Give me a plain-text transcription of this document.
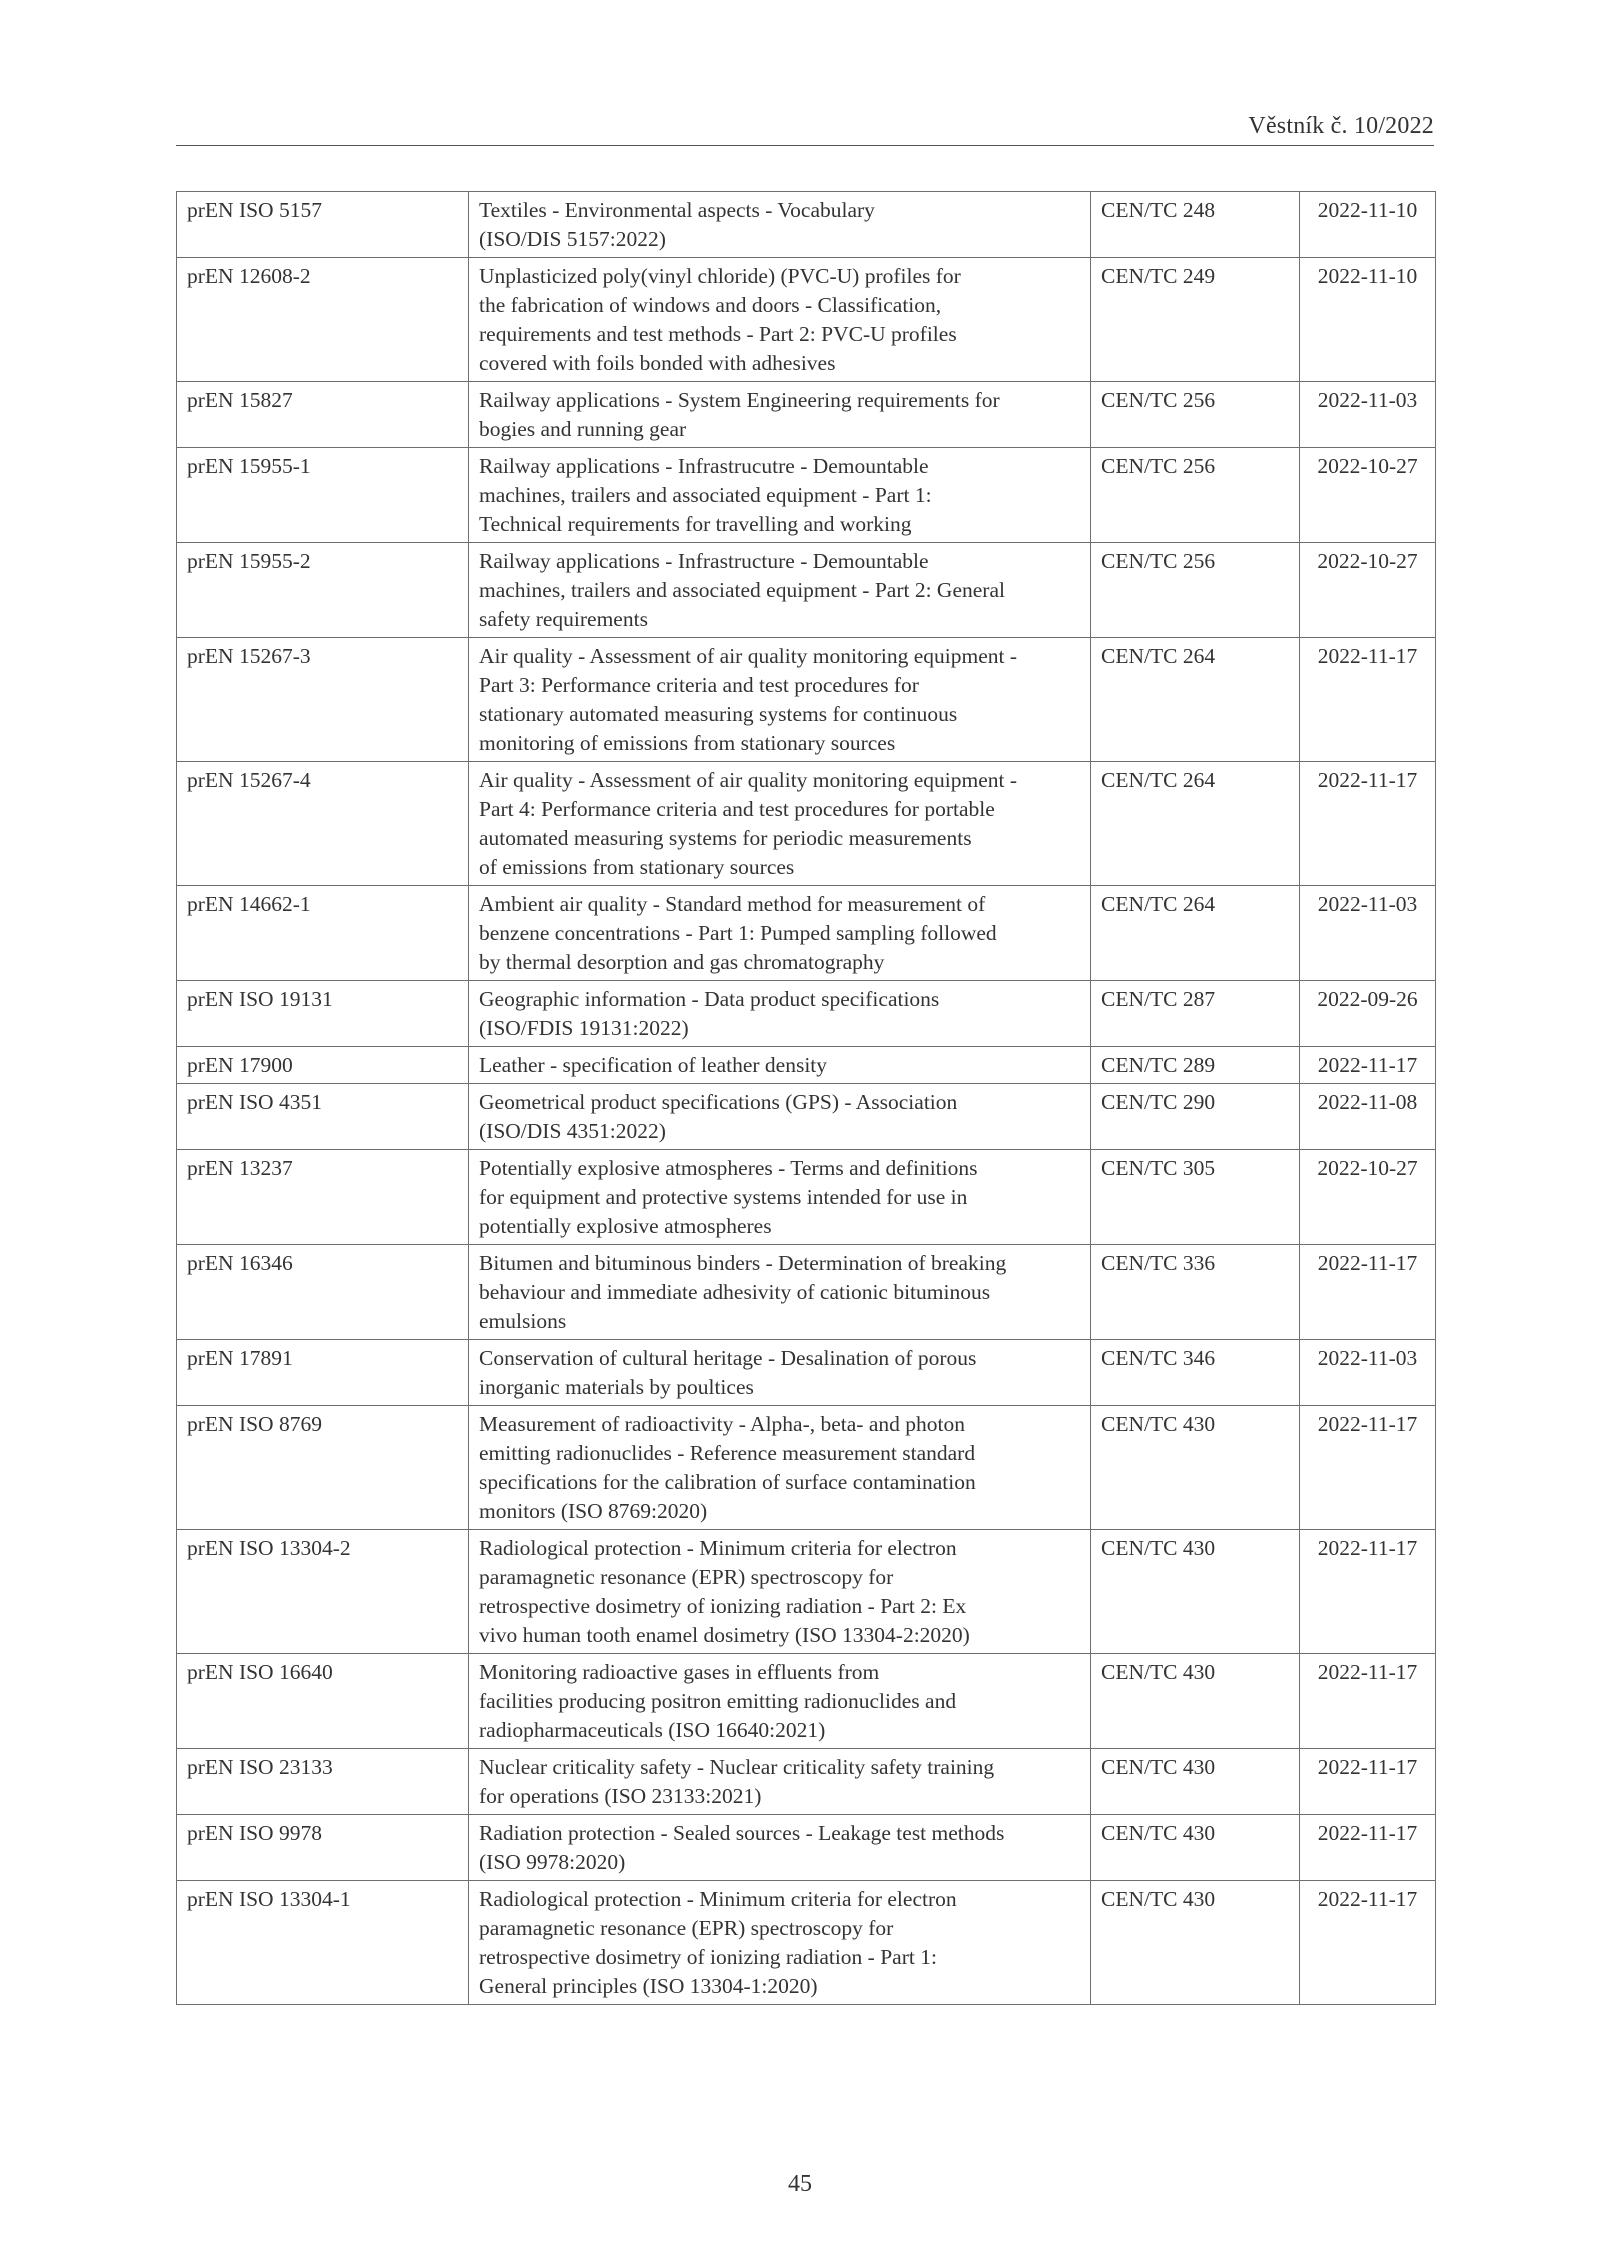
Věstník č. 10/2022
prEN ISO 5157	Textiles - Environmental aspects - Vocabulary
(ISO/DIS 5157:2022)	CEN/TC 248	2022-11-10
prEN 12608-2	Unplasticized poly(vinyl chloride) (PVC-U) profiles for
the fabrication of windows and doors - Classification,
requirements and test methods - Part 2: PVC-U profiles
covered with foils bonded with adhesives	CEN/TC 249	2022-11-10
prEN 15827	Railway applications - System Engineering requirements for
bogies and running gear	CEN/TC 256	2022-11-03
prEN 15955-1	Railway applications - Infrastrucutre - Demountable
machines, trailers and associated equipment - Part 1:
Technical requirements for travelling and working	CEN/TC 256	2022-10-27
prEN 15955-2	Railway applications - Infrastructure - Demountable
machines, trailers and associated equipment - Part 2: General
safety requirements	CEN/TC 256	2022-10-27
prEN 15267-3	Air quality - Assessment of air quality monitoring equipment -
Part 3: Performance criteria and test procedures for
stationary automated measuring systems for continuous
monitoring of emissions from stationary sources	CEN/TC 264	2022-11-17
prEN 15267-4	Air quality - Assessment of air quality monitoring equipment -
Part 4: Performance criteria and test procedures for portable
automated measuring systems for periodic measurements
of emissions from stationary sources	CEN/TC 264	2022-11-17
prEN 14662-1	Ambient air quality - Standard method for measurement of
benzene concentrations - Part 1: Pumped sampling followed
by thermal desorption and gas chromatography	CEN/TC 264	2022-11-03
prEN ISO 19131	Geographic information - Data product specifications
(ISO/FDIS 19131:2022)	CEN/TC 287	2022-09-26
prEN 17900	Leather - specification of leather density	CEN/TC 289	2022-11-17
prEN ISO 4351	Geometrical product specifications (GPS) - Association
(ISO/DIS 4351:2022)	CEN/TC 290	2022-11-08
prEN 13237	Potentially explosive atmospheres - Terms and definitions
for equipment and protective systems intended for use in
potentially explosive atmospheres	CEN/TC 305	2022-10-27
prEN 16346	Bitumen and bituminous binders - Determination of breaking
behaviour and immediate adhesivity of cationic bituminous
emulsions	CEN/TC 336	2022-11-17
prEN 17891	Conservation of cultural heritage - Desalination of porous
inorganic materials by poultices	CEN/TC 346	2022-11-03
prEN ISO 8769	Measurement of radioactivity - Alpha-, beta- and photon
emitting radionuclides - Reference measurement standard
specifications for the calibration of surface contamination
monitors (ISO 8769:2020)	CEN/TC 430	2022-11-17
prEN ISO 13304-2	Radiological protection - Minimum criteria for electron
paramagnetic resonance (EPR) spectroscopy for
retrospective dosimetry of ionizing radiation - Part 2: Ex
vivo human tooth enamel dosimetry (ISO 13304-2:2020)	CEN/TC 430	2022-11-17
prEN ISO 16640	Monitoring radioactive gases in effluents from
facilities producing positron emitting radionuclides and
radiopharmaceuticals (ISO 16640:2021)	CEN/TC 430	2022-11-17
prEN ISO 23133	Nuclear criticality safety - Nuclear criticality safety training
for operations (ISO 23133:2021)	CEN/TC 430	2022-11-17
prEN ISO 9978	Radiation protection - Sealed sources - Leakage test methods
(ISO 9978:2020)	CEN/TC 430	2022-11-17
prEN ISO 13304-1	Radiological protection - Minimum criteria for electron
paramagnetic resonance (EPR) spectroscopy for
retrospective dosimetry of ionizing radiation - Part 1:
General principles (ISO 13304-1:2020)	CEN/TC 430	2022-11-17
45
